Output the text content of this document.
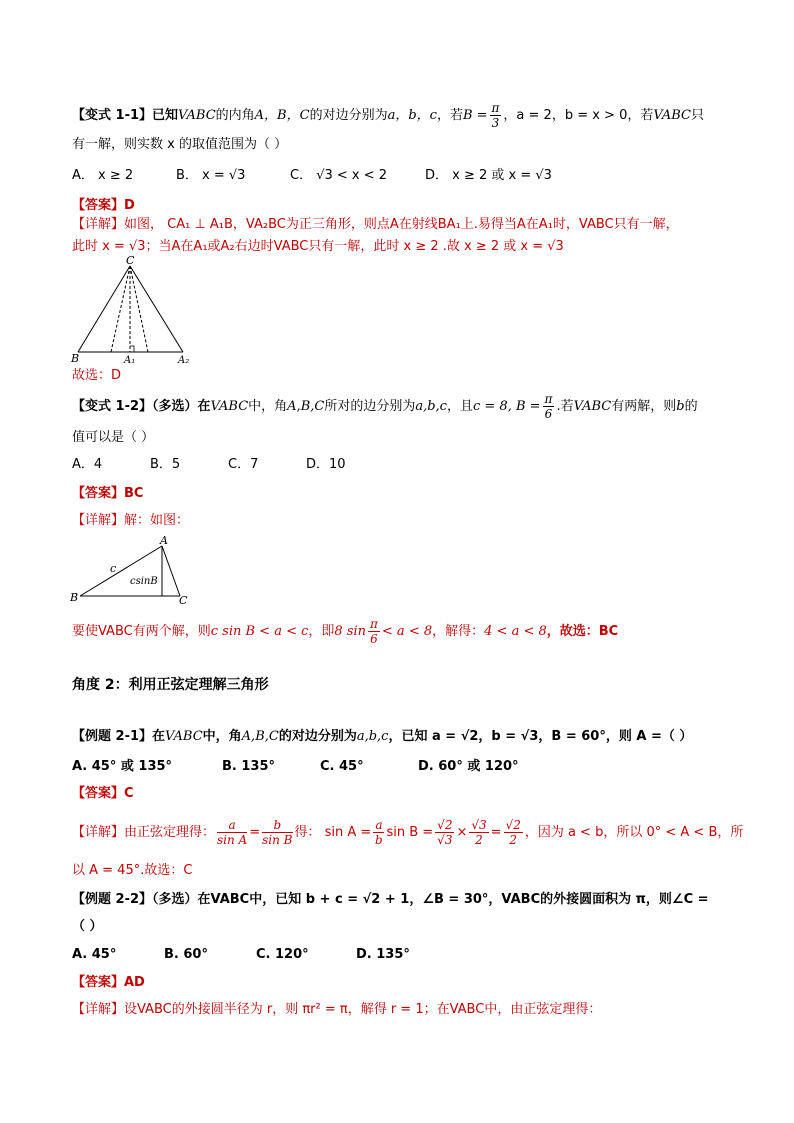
【变式 1-1】已知VABC的内角A，B，C的对边分别为a，b，c，若$B = \frac{\pi}{3}$ ，a = 2，b = x > 0，若VABC只
有一解，则实数 x 的取值范围为（ ）
A． x ≥ 2	B． x = √3	C． √3 < x < 2	D． x ≥ 2 或 x = √3
【答案】D
【详解】如图， CA₁ ⊥ A₁B，VA₂BC为正三角形，则点A在射线BA₁上.易得当A在A₁时，VABC只有一解，
此时 x = √3；当A在A₁或A₂右边时VABC只有一解，此时 x ≥ 2 .故 x ≥ 2 或 x = √3
C
B	A₁	A₂
故选：D
【变式 1-2】（多选）在VABC中，角A,B,C所对的边分别为a,b,c，且c = 8, $B = \frac{\pi}{6}$ .若VABC有两解，则b的
值可以是（ ）
A．4	B．5	C．7	D．10
【答案】BC
【详解】解：如图：
A
B	C
c
csinB
要使VABC有两个解，则c sin B < a < c，即8 $\sin \frac{\pi}{6} < a < 8$，解得：4 < a < 8，故选：BC
角度 2：利用正弦定理解三角形
【例题 2-1】在VABC中，角A,B,C的对边分别为a,b,c，已知 a = √2，b = √3，B = 60°，则 A =（ ）
A. 45° 或 135°	B. 135°	C. 45°	D. 60° 或 120°
【答案】C
【详解】由正弦定理得： $\frac{a}{\text{sin A}} = \frac{b}{\text{sin B}}$ 得： $\sin A = \frac{a}{b}$ $\sin B = \frac{√2}{√3} \times \frac{√3}{2} = \frac{√2}{2}$ ，因为 a < b，所以 0° < A < B，所
以 A = 45°.故选：C
【例题 2-2】（多选）在VABC中，已知 b + c = √2 + 1，∠B = 30°，VABC的外接圆面积为 π，则∠C =
（ ）
A. 45°	B. 60°	C. 120°	D. 135°
【答案】AD
【详解】设VABC的外接圆半径为 r，则 πr² = π，解得 r = 1；在VABC中，由正弦定理得：
